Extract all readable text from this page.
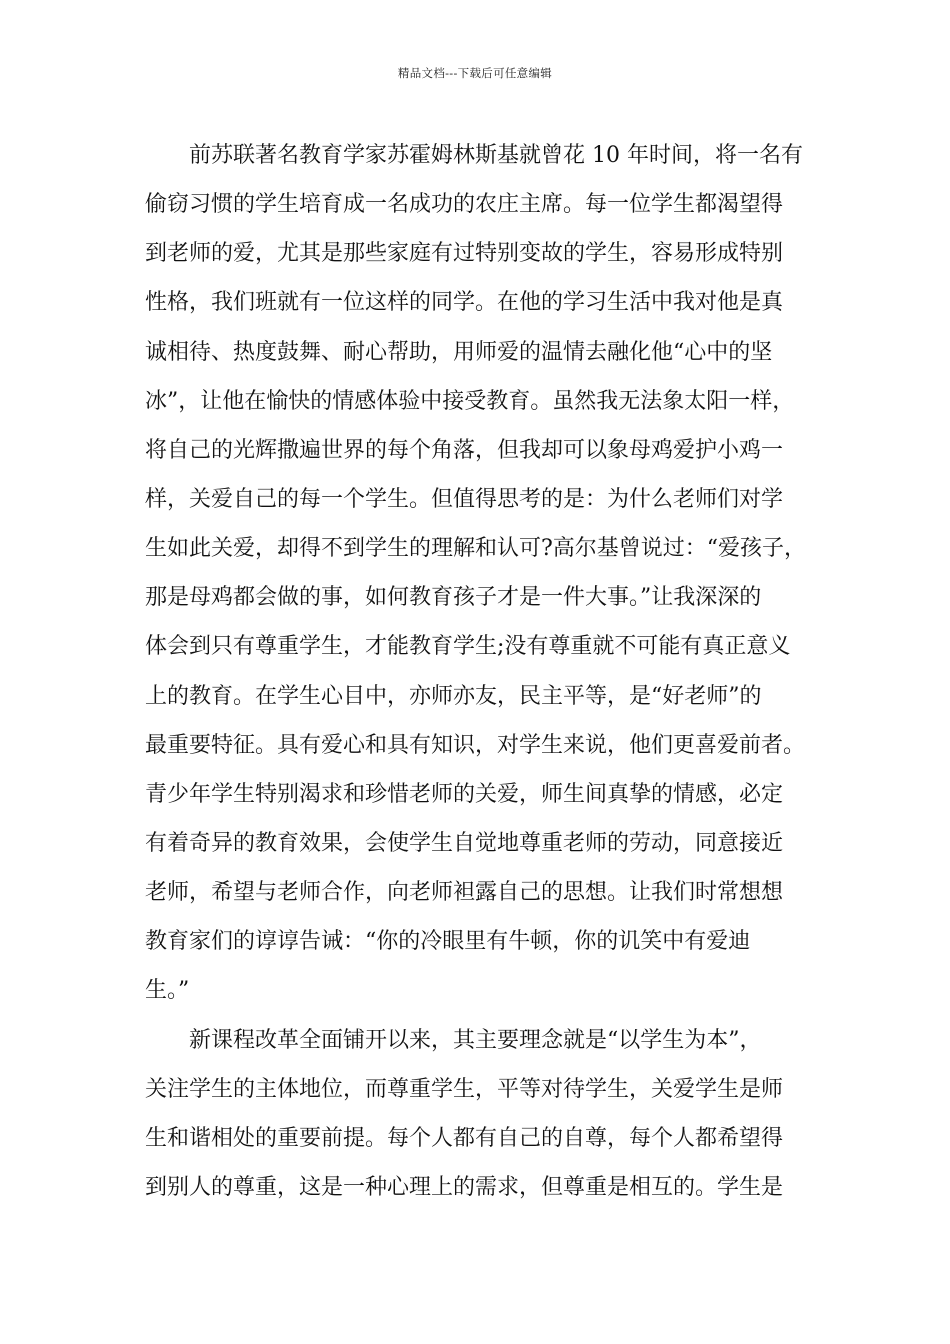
精品文档---下载后可任意编辑
　　前苏联著名教育学家苏霍姆林斯基就曾花 10 年时间，将一名有
偷窃习惯的学生培育成一名成功的农庄主席。每一位学生都渴望得
到老师的爱，尤其是那些家庭有过特别变故的学生，容易形成特别
性格，我们班就有一位这样的同学。在他的学习生活中我对他是真
诚相待、热度鼓舞、耐心帮助，用师爱的温情去融化他“心中的坚
冰”，让他在愉快的情感体验中接受教育。虽然我无法象太阳一样，
将自己的光辉撒遍世界的每个角落，但我却可以象母鸡爱护小鸡一
样，关爱自己的每一个学生。但值得思考的是：为什么老师们对学
生如此关爱，却得不到学生的理解和认可?高尔基曾说过：“爱孩子，
那是母鸡都会做的事，如何教育孩子才是一件大事。”让我深深的
体会到只有尊重学生，才能教育学生;没有尊重就不可能有真正意义
上的教育。在学生心目中，亦师亦友，民主平等，是“好老师”的
最重要特征。具有爱心和具有知识，对学生来说，他们更喜爱前者。
青少年学生特别渴求和珍惜老师的关爱，师生间真挚的情感，必定
有着奇异的教育效果，会使学生自觉地尊重老师的劳动，同意接近
老师，希望与老师合作，向老师袒露自己的思想。让我们时常想想
教育家们的谆谆告诫：“你的冷眼里有牛顿，你的讥笑中有爱迪
生。”
　　新课程改革全面铺开以来，其主要理念就是“以学生为本”，
关注学生的主体地位，而尊重学生，平等对待学生，关爱学生是师
生和谐相处的重要前提。每个人都有自己的自尊，每个人都希望得
到别人的尊重，这是一种心理上的需求，但尊重是相互的。学生是
